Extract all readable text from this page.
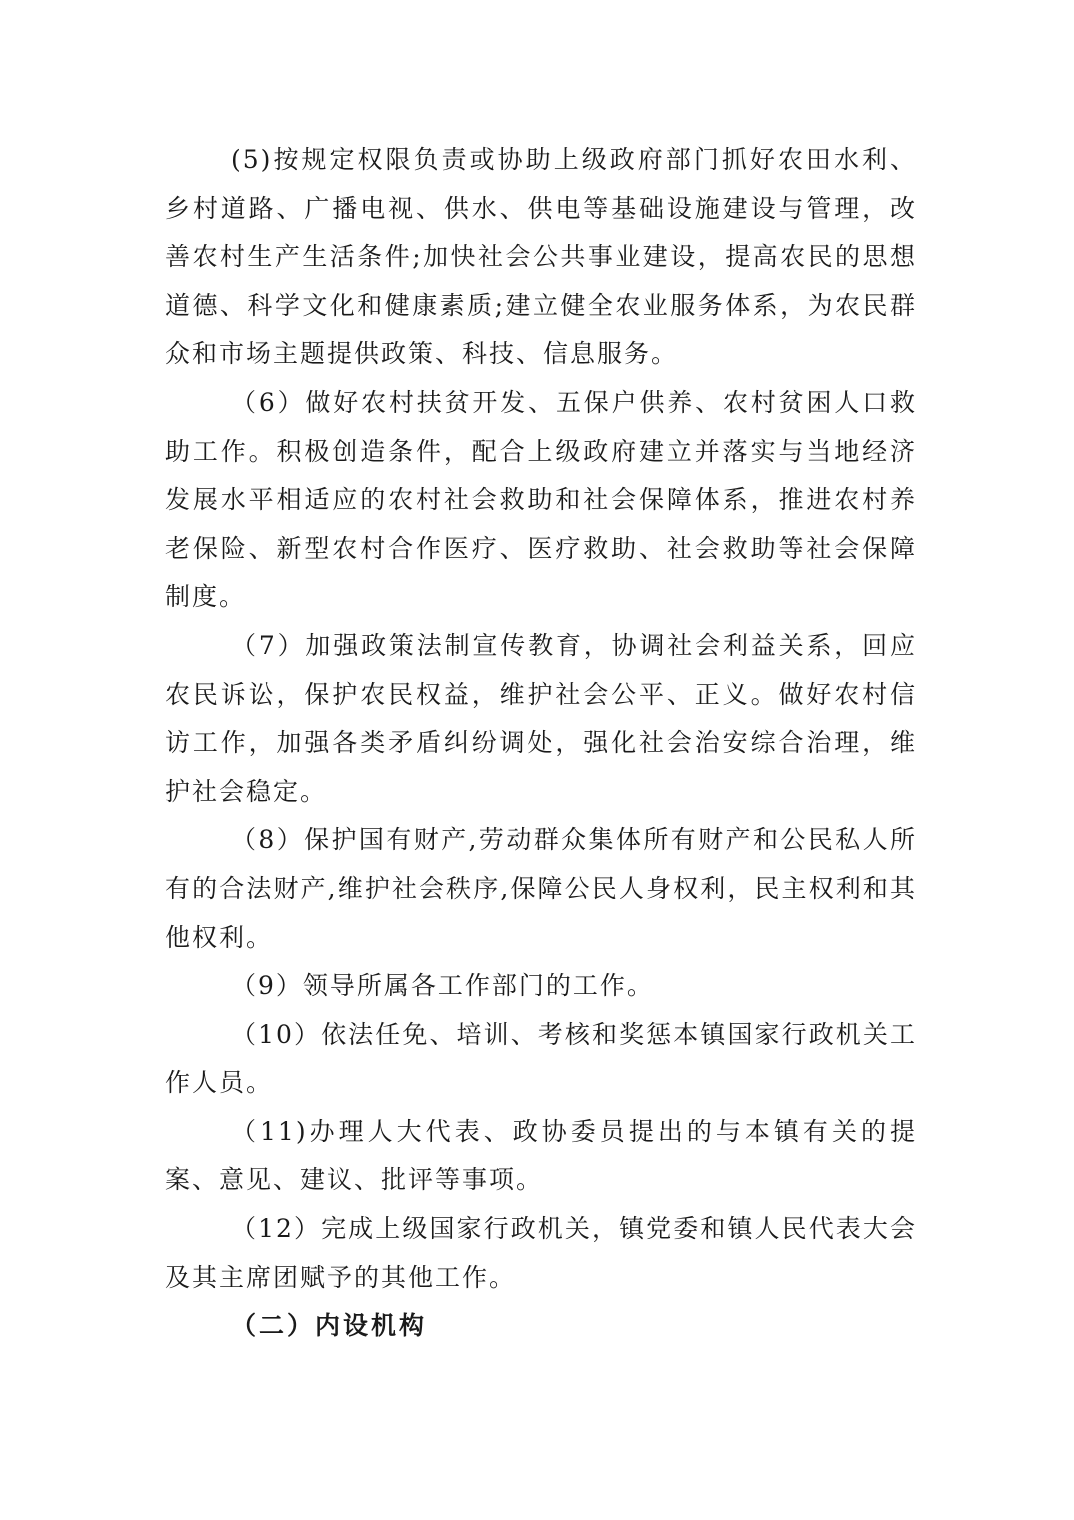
(5)按规定权限负责或协助上级政府部门抓好农田水利、乡村道路、广播电视、供水、供电等基础设施建设与管理，改善农村生产生活条件;加快社会公共事业建设，提高农民的思想道德、科学文化和健康素质;建立健全农业服务体系，为农民群众和市场主题提供政策、科技、信息服务。

（6）做好农村扶贫开发、五保户供养、农村贫困人口救助工作。积极创造条件，配合上级政府建立并落实与当地经济发展水平相适应的农村社会救助和社会保障体系，推进农村养老保险、新型农村合作医疗、医疗救助、社会救助等社会保障制度。

（7）加强政策法制宣传教育，协调社会利益关系，回应农民诉讼，保护农民权益，维护社会公平、正义。做好农村信访工作，加强各类矛盾纠纷调处，强化社会治安综合治理，维护社会稳定。

（8）保护国有财产,劳动群众集体所有财产和公民私人所有的合法财产,维护社会秩序,保障公民人身权利，民主权利和其他权利。

（9）领导所属各工作部门的工作。

（10）依法任免、培训、考核和奖惩本镇国家行政机关工作人员。

（11)办理人大代表、政协委员提出的与本镇有关的提案、意见、建议、批评等事项。

（12）完成上级国家行政机关，镇党委和镇人民代表大会及其主席团赋予的其他工作。

（二）内设机构
